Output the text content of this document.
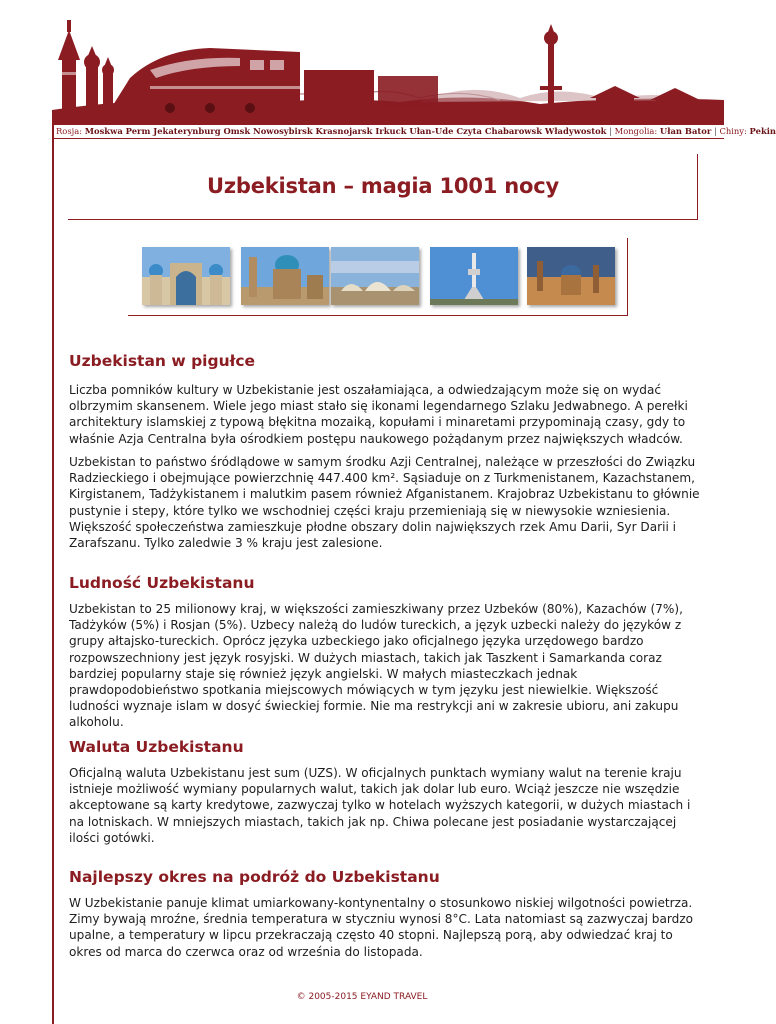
Rosja: Moskwa Perm Jekaterynburg Omsk Nowosybirsk Krasnojarsk Irkuck Ułan-Ude Czyta Chabarowsk Władywostok | Mongolia: Ułan Bator | Chiny: Pekin
Uzbekistan – magia 1001 nocy
Uzbekistan w pigułce
Liczba pomników kultury w Uzbekistanie jest oszałamiająca, a odwiedzającym może się on wydać olbrzymim skansenem. Wiele jego miast stało się ikonami legendarnego Szlaku Jedwabnego. A perełki architektury islamskiej z typową błękitna mozaiką, kopułami i minaretami przypominają czasy, gdy to właśnie Azja Centralna była ośrodkiem postępu naukowego pożądanym przez największych władców.
Uzbekistan to państwo śródlądowe w samym środku Azji Centralnej, należące w przeszłości do Związku Radzieckiego i obejmujące powierzchnię 447.400 km². Sąsiaduje on z Turkmenistanem, Kazachstanem, Kirgistanem, Tadżykistanem i malutkim pasem również Afganistanem. Krajobraz Uzbekistanu to głównie pustynie i stepy, które tylko we wschodniej części kraju przemieniają się w niewysokie wzniesienia. Większość społeczeństwa zamieszkuje płodne obszary dolin największych rzek Amu Darii, Syr Darii i Zarafszanu. Tylko zaledwie 3 % kraju jest zalesione.
Ludność Uzbekistanu
Uzbekistan to 25 milionowy kraj, w większości zamieszkiwany przez Uzbeków (80%), Kazachów (7%), Tadżyków (5%) i Rosjan (5%). Uzbecy należą do ludów tureckich, a język uzbecki należy do języków z grupy ałtajsko-tureckich. Oprócz języka uzbeckiego jako oficjalnego języka urzędowego bardzo rozpowszechniony jest język rosyjski. W dużych miastach, takich jak Taszkent i Samarkanda coraz bardziej popularny staje się również język angielski. W małych miasteczkach jednak prawdopodobieństwo spotkania miejscowych mówiących w tym języku jest niewielkie. Większość ludności wyznaje islam w dosyć świeckiej formie. Nie ma restrykcji ani w zakresie ubioru, ani zakupu alkoholu.
Waluta Uzbekistanu
Oficjalną waluta Uzbekistanu jest sum (UZS). W oficjalnych punktach wymiany walut na terenie kraju istnieje możliwość wymiany popularnych walut, takich jak dolar lub euro. Wciąż jeszcze nie wszędzie akceptowane są karty kredytowe, zazwyczaj tylko w hotelach wyższych kategorii, w dużych miastach i na lotniskach. W mniejszych miastach, takich jak np. Chiwa polecane jest posiadanie wystarczającej ilości gotówki.
Najlepszy okres na podróż do Uzbekistanu
W Uzbekistanie panuje klimat umiarkowany-kontynentalny o stosunkowo niskiej wilgotności powietrza. Zimy bywają mroźne, średnia temperatura w styczniu wynosi 8°C. Lata natomiast są zazwyczaj bardzo upalne, a temperatury w lipcu przekraczają często 40 stopni. Najlepszą porą, aby odwiedzać kraj to okres od marca do czerwca oraz od września do listopada.
© 2005-2015 EYAND TRAVEL
